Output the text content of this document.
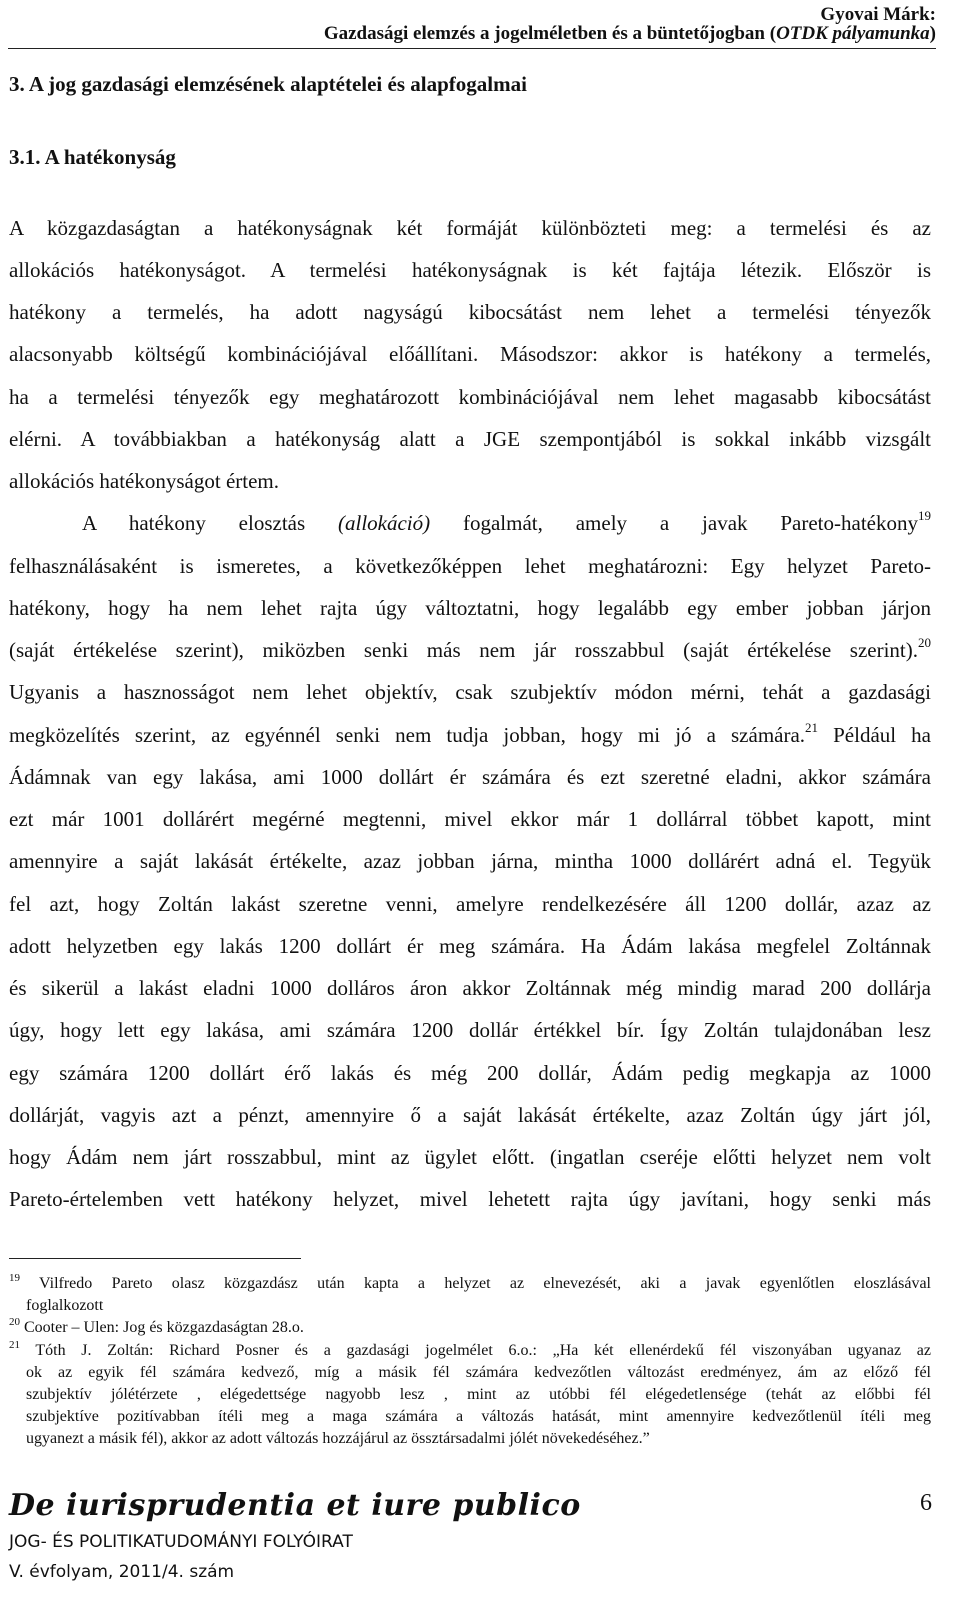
Gyovai Márk:
Gazdasági elemzés a jogelméletben és a büntetőjogban (OTDK pályamunka)
3. A jog gazdasági elemzésének alaptételei és alapfogalmai
3.1. A hatékonyság
A közgazdaságtan a hatékonyságnak két formáját különbözteti meg: a termelési és az
allokációs hatékonyságot. A termelési hatékonyságnak is két fajtája létezik. Először is
hatékony a termelés, ha adott nagyságú kibocsátást nem lehet a termelési tényezők
alacsonyabb költségű kombinációjával előállítani. Másodszor: akkor is hatékony a termelés,
ha a termelési tényezők egy meghatározott kombinációjával nem lehet magasabb kibocsátást
elérni. A továbbiakban a hatékonyság alatt a JGE szempontjából is sokkal inkább vizsgált
allokációs hatékonyságot értem.
A hatékony elosztás (allokáció) fogalmát, amely a javak Pareto-hatékony$^{19}$
felhasználásaként is ismeretes, a következőképpen lehet meghatározni: Egy helyzet Pareto-
hatékony, hogy ha nem lehet rajta úgy változtatni, hogy legalább egy ember jobban járjon
(saját értékelése szerint), miközben senki más nem jár rosszabbul (saját értékelése szerint).$^{20}$
Ugyanis a hasznosságot nem lehet objektív, csak szubjektív módon mérni, tehát a gazdasági
megközelítés szerint, az egyénnél senki nem tudja jobban, hogy mi jó a számára.$^{21}$ Például ha
Ádámnak van egy lakása, ami 1000 dollárt ér számára és ezt szeretné eladni, akkor számára
ezt már 1001 dollárért megérné megtenni, mivel ekkor már 1 dollárral többet kapott, mint
amennyire a saját lakását értékelte, azaz jobban járna, mintha 1000 dollárért adná el. Tegyük
fel azt, hogy Zoltán lakást szeretne venni, amelyre rendelkezésére áll 1200 dollár, azaz az
adott helyzetben egy lakás 1200 dollárt ér meg számára. Ha Ádám lakása megfelel Zoltánnak
és sikerül a lakást eladni 1000 dolláros áron akkor Zoltánnak még mindig marad 200 dollárja
úgy, hogy lett egy lakása, ami számára 1200 dollár értékkel bír. Így Zoltán tulajdonában lesz
egy számára 1200 dollárt érő lakás és még 200 dollár, Ádám pedig megkapja az 1000
dollárját, vagyis azt a pénzt, amennyire ő a saját lakását értékelte, azaz Zoltán úgy járt jól,
hogy Ádám nem járt rosszabbul, mint az ügylet előtt. (ingatlan cseréje előtti helyzet nem volt
Pareto-értelemben vett hatékony helyzet, mivel lehetett rajta úgy javítani, hogy senki más
$^{19}$ Vilfredo Pareto olasz közgazdász után kapta a helyzet az elnevezését, aki a javak egyenlőtlen eloszlásával
foglalkozott
$^{20}$ Cooter – Ulen: Jog és közgazdaságtan 28.o.
$^{21}$ Tóth J. Zoltán: Richard Posner és a gazdasági jogelmélet 6.o.: „Ha két ellenérdekű fél viszonyában ugyanaz az
ok az egyik fél számára kedvező, míg a másik fél számára kedvezőtlen változást eredményez, ám az előző fél
szubjektív jólétérzete , elégedettsége nagyobb lesz , mint az utóbbi fél elégedetlensége (tehát az előbbi fél
szubjektíve pozitívabban ítéli meg a maga számára a változás hatását, mint amennyire kedvezőtlenül ítéli meg
ugyanezt a másik fél), akkor az adott változás hozzájárul az össztársadalmi jólét növekedéséhez.”
De iurisprudentia et iure publico	6
JOG- ÉS POLITIKATUDOMÁNYI FOLYÓIRAT
V. évfolyam, 2011/4. szám
